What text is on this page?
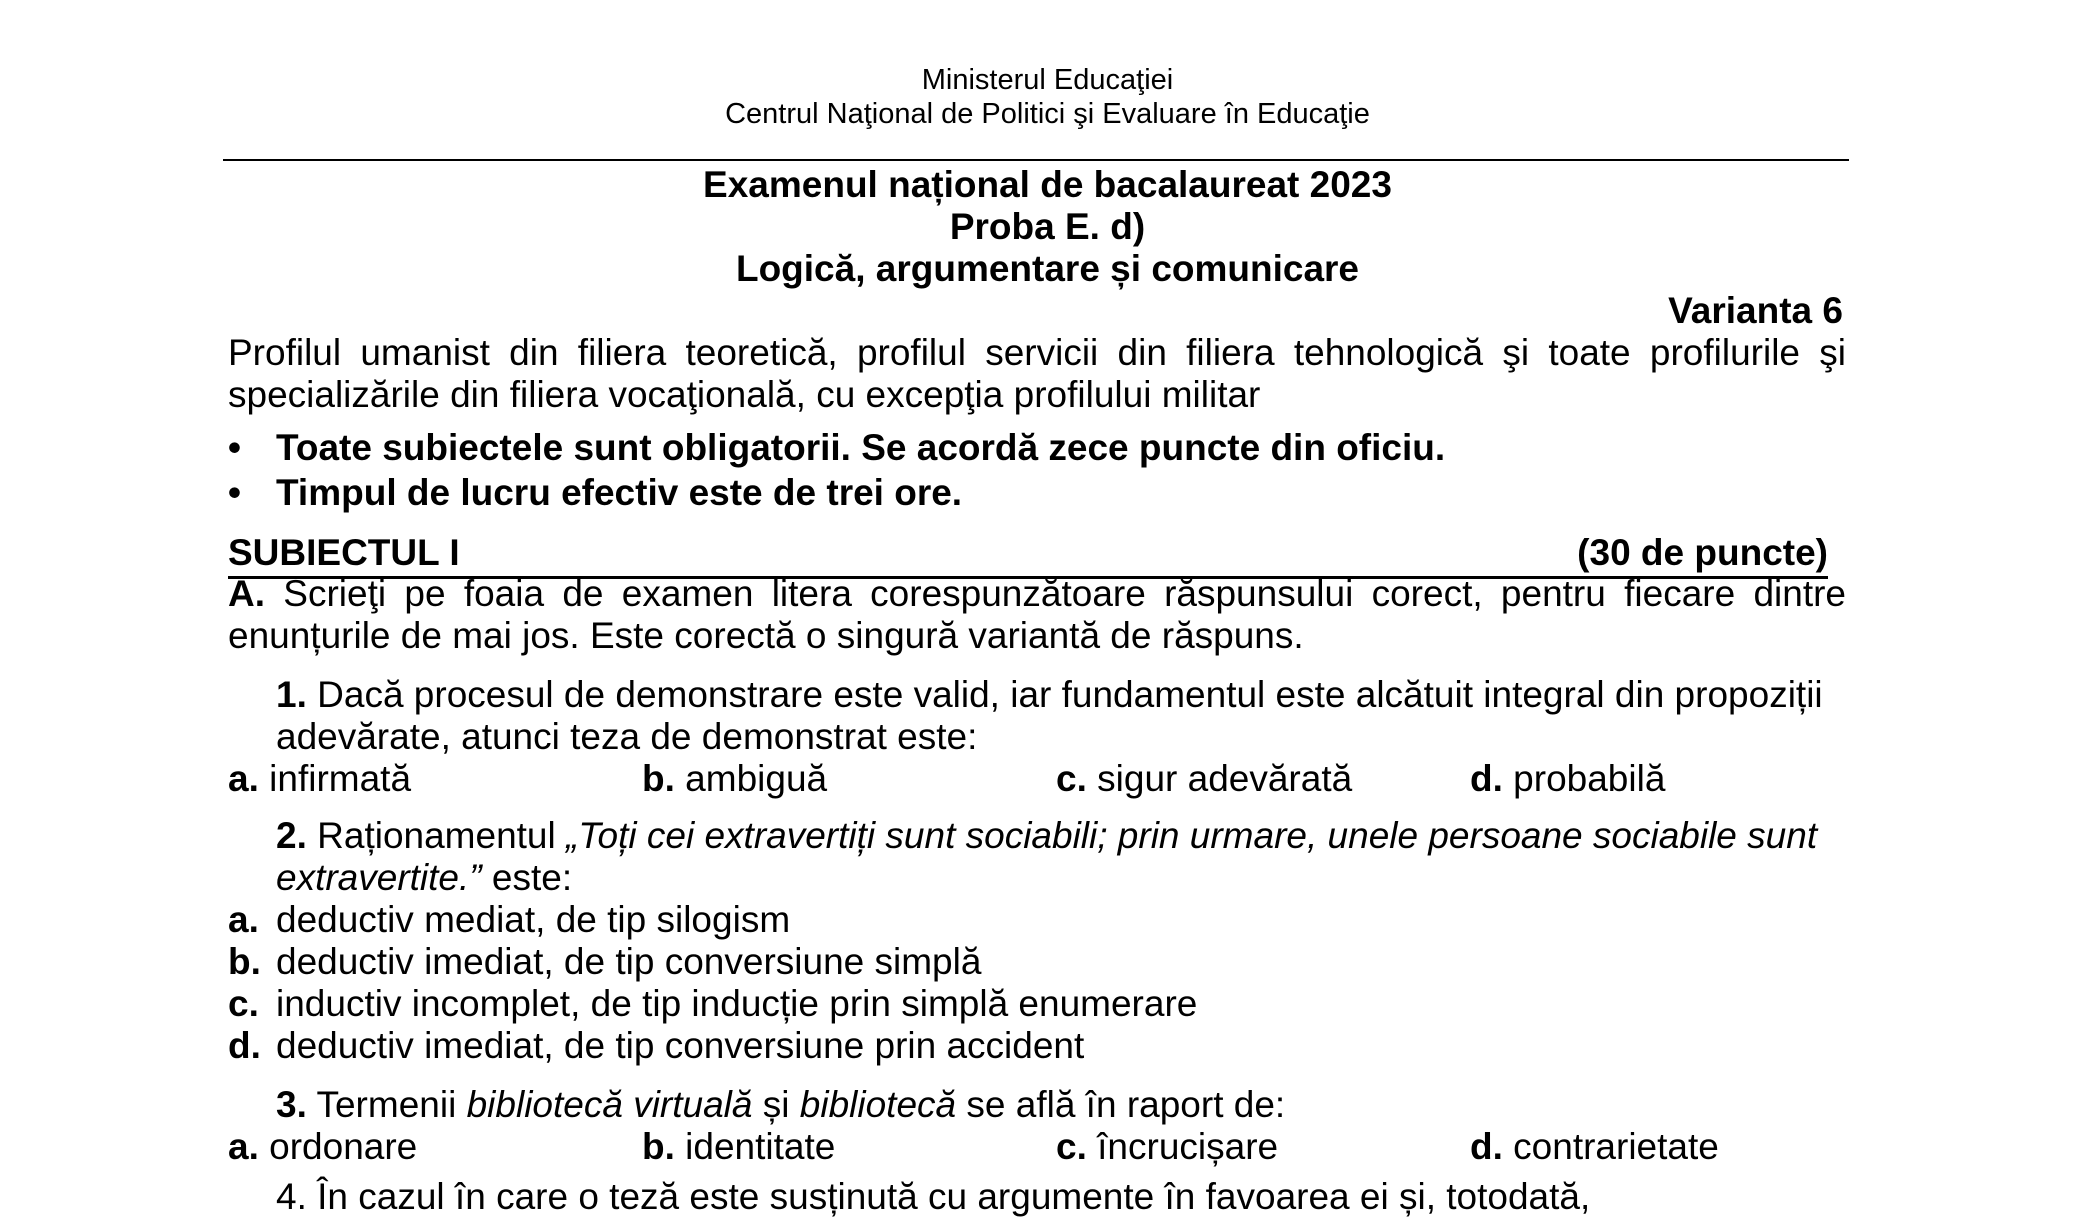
Ministerul Educaţiei
Centrul Naţional de Politici şi Evaluare în Educaţie
Examenul național de bacalaureat 2023
Proba E. d)
Logică, argumentare și comunicare
Varianta 6
Profilul umanist din filiera teoretică, profilul servicii din filiera tehnologică şi toate profilurile şi
specializările din filiera vocaţională, cu excepţia profilului militar
• Toate subiectele sunt obligatorii. Se acordă zece puncte din oficiu.
• Timpul de lucru efectiv este de trei ore.
SUBIECTUL I	(30 de puncte)
A. Scrieţi pe foaia de examen litera corespunzătoare răspunsului corect, pentru fiecare dintre
enunțurile de mai jos. Este corectă o singură variantă de răspuns.
1. Dacă procesul de demonstrare este valid, iar fundamentul este alcătuit integral din propoziții
adevărate, atunci teza de demonstrat este:
a. infirmată	b. ambiguă	c. sigur adevărată	d. probabilă
2. Raționamentul „Toți cei extravertiți sunt sociabili; prin urmare, unele persoane sociabile sunt
extravertite.” este:
a. deductiv mediat, de tip silogism
b. deductiv imediat, de tip conversiune simplă
c. inductiv incomplet, de tip inducție prin simplă enumerare
d. deductiv imediat, de tip conversiune prin accident
3. Termenii bibliotecă virtuală și bibliotecă se află în raport de:
a. ordonare	b. identitate	c. încrucișare	d. contrarietate
4. În cazul în care o teză este susținută cu argumente în favoarea ei și, totodată,
